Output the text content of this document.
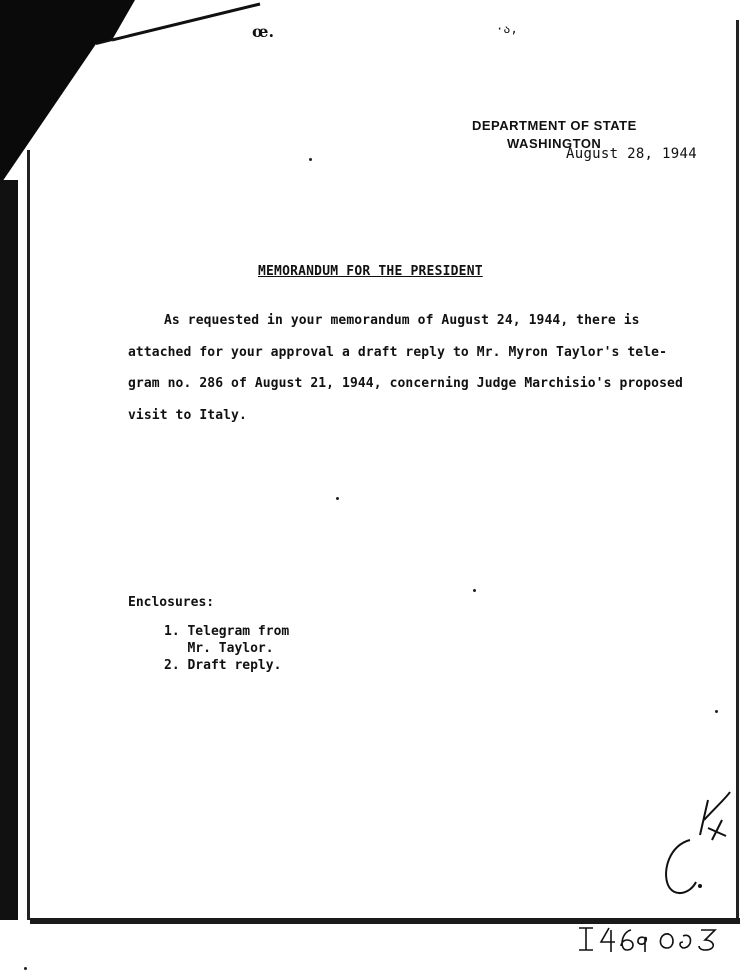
œ.	·ა,
DEPARTMENT OF STATE
WASHINGTON
August 28, 1944
MEMORANDUM FOR THE PRESIDENT
As requested in your memorandum of August 24, 1944, there is
attached for your approval a draft reply to Mr. Myron Taylor's tele-
gram no. 286 of August 21, 1944, concerning Judge Marchisio's proposed
visit to Italy.
Enclosures:
1. Telegram from
Mr. Taylor.
2. Draft reply.
